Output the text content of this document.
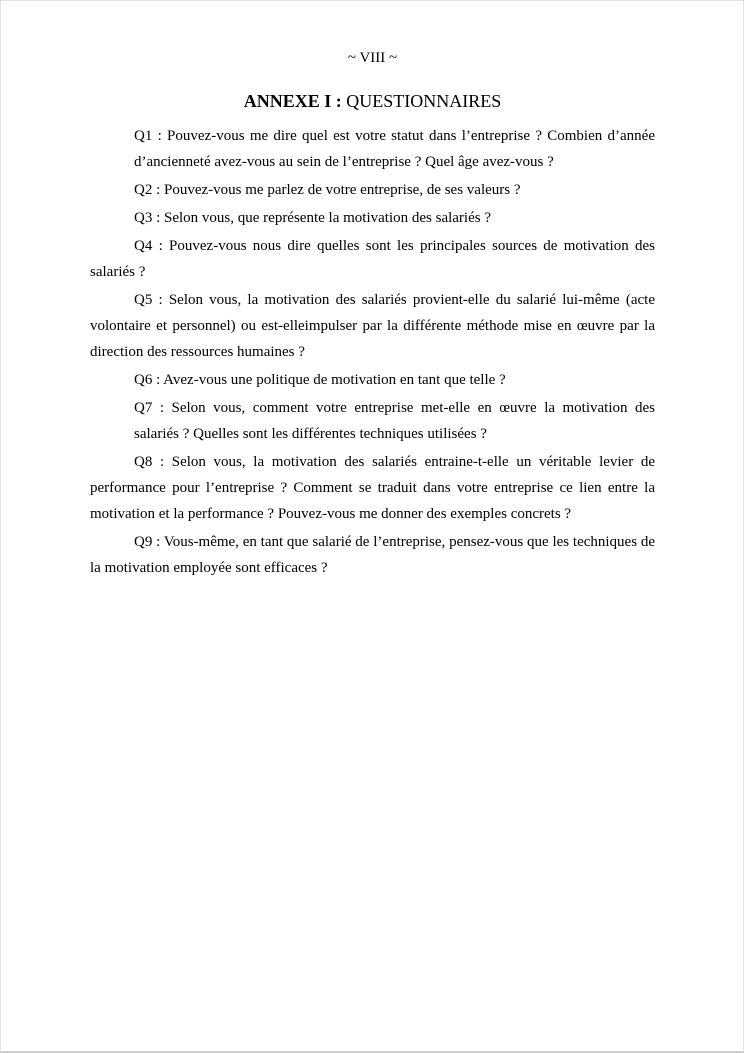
~ VIII ~
ANNEXE I : QUESTIONNAIRES

Q1 : Pouvez-vous me dire quel est votre statut dans l’entreprise ? Combien d’année d’ancienneté avez-vous au sein de l’entreprise ? Quel âge avez-vous ?

Q2 : Pouvez-vous me parlez de votre entreprise, de ses valeurs ?

Q3 : Selon vous, que représente la motivation des salariés ?

Q4 : Pouvez-vous nous dire quelles sont les principales sources de motivation des salariés ?

Q5 : Selon vous, la motivation des salariés provient-elle du salarié lui-même (acte volontaire et personnel) ou est-elleimpulser par la différente méthode mise en œuvre par la direction des ressources humaines ?

Q6 : Avez-vous une politique de motivation en tant que telle ?

Q7 : Selon vous, comment votre entreprise met-elle en œuvre la motivation des salariés ? Quelles sont les différentes techniques utilisées ?

Q8 : Selon vous, la motivation des salariés entraine-t-elle un véritable levier de performance pour l’entreprise ? Comment se traduit dans votre entreprise ce lien entre la motivation et la performance ? Pouvez-vous me donner des exemples concrets ?

Q9 : Vous-même, en tant que salarié de l’entreprise, pensez-vous que les techniques de la motivation employée sont efficaces ?
